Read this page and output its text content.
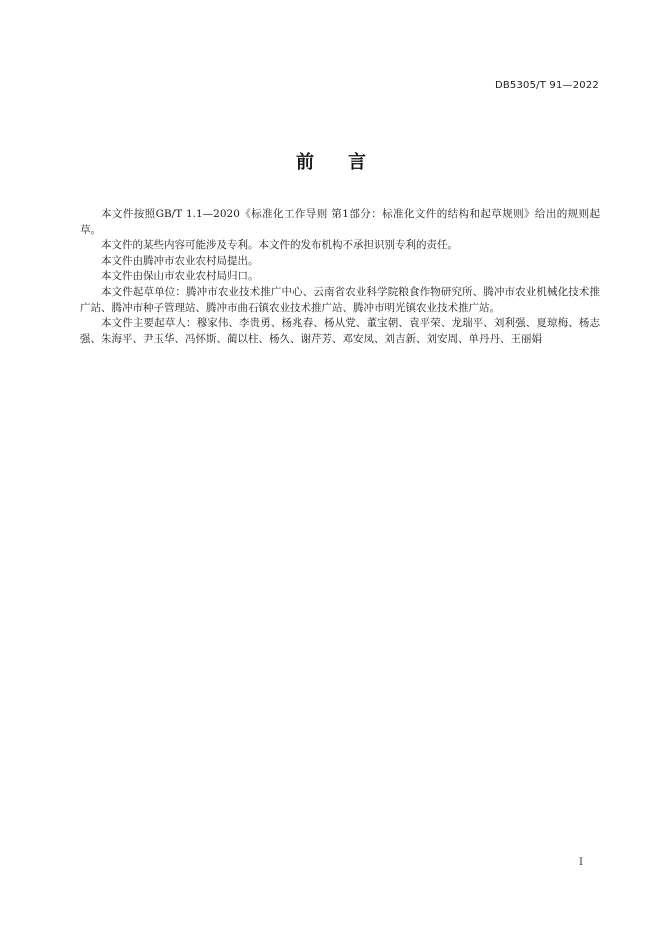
DB5305/T 91—2022
前言

本文件按照GB/T 1.1—2020《标准化工作导则 第1部分：标准化文件的结构和起草规则》给出的规则起草。

本文件的某些内容可能涉及专利。本文件的发布机构不承担识别专利的责任。

本文件由腾冲市农业农村局提出。

本文件由保山市农业农村局归口。

本文件起草单位：腾冲市农业技术推广中心、云南省农业科学院粮食作物研究所、腾冲市农业机械化技术推广站、腾冲市种子管理站、腾冲市曲石镇农业技术推广站、腾冲市明光镇农业技术推广站。

本文件主要起草人：穆家伟、李贵勇、杨兆春、杨从党、董宝朝、袁平荣、龙瑞平、刘利强、夏琼梅、杨志强、朱海平、尹玉华、冯怀斯、蔺以柱、杨久、谢芹芳、邓安凤、刘吉新、刘安周、单丹丹、王丽娟

I
